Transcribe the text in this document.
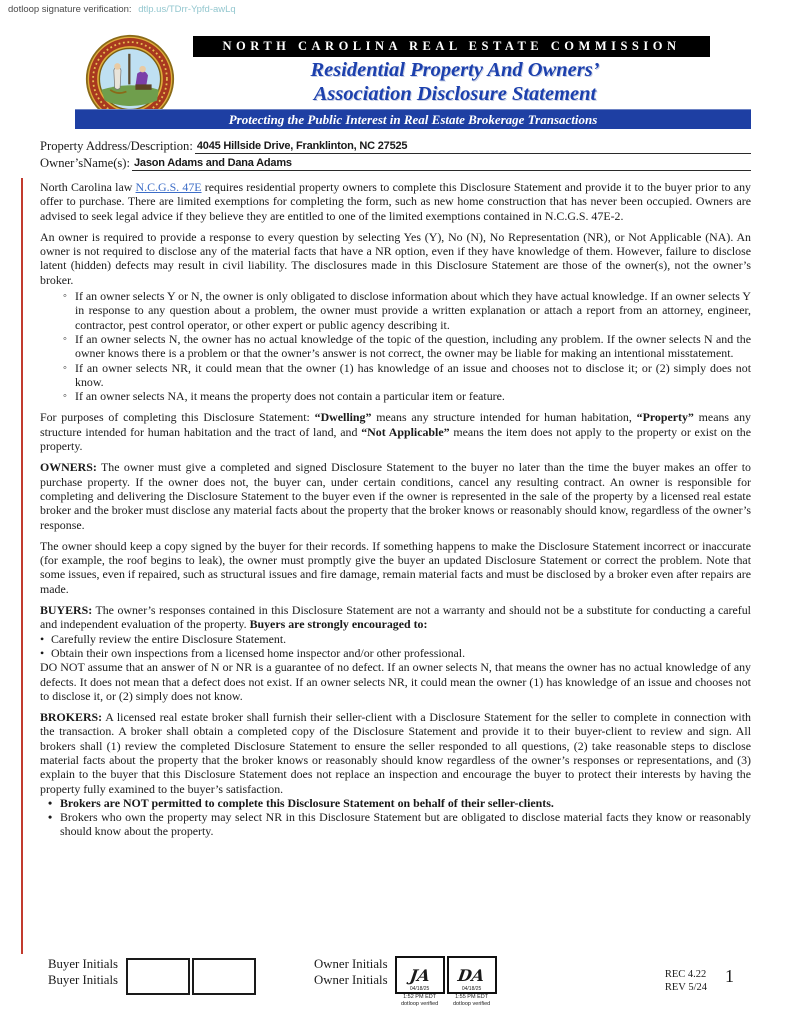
dotloop signature verification: dtlp.us/TDrr-Ypfd-awLq
NORTH CAROLINA REAL ESTATE COMMISSION
Residential Property And Owners’
Association Disclosure Statement
Protecting the Public Interest in Real Estate Brokerage Transactions
Property Address/Description: 4045 Hillside Drive, Franklinton, NC 27525
Owner’sName(s): Jason Adams and Dana Adams

North Carolina law N.C.G.S. 47E requires residential property owners to complete this Disclosure Statement and provide it to the buyer prior to any offer to purchase. There are limited exemptions for completing the form, such as new home construction that has never been occupied. Owners are advised to seek legal advice if they believe they are entitled to one of the limited exemptions contained in N.C.G.S. 47E-2.

An owner is required to provide a response to every question by selecting Yes (Y), No (N), No Representation (NR), or Not Applicable (NA). An owner is not required to disclose any of the material facts that have a NR option, even if they have knowledge of them. However, failure to disclose latent (hidden) defects may result in civil liability. The disclosures made in this Disclosure Statement are those of the owner(s), not the owner’s broker.

◦ If an owner selects Y or N, the owner is only obligated to disclose information about which they have actual knowledge. If an owner selects Y in response to any question about a problem, the owner must provide a written explanation or attach a report from an attorney, engineer, contractor, pest control operator, or other expert or public agency describing it.
◦ If an owner selects N, the owner has no actual knowledge of the topic of the question, including any problem. If the owner selects N and the owner knows there is a problem or that the owner’s answer is not correct, the owner may be liable for making an intentional misstatement.
◦ If an owner selects NR, it could mean that the owner (1) has knowledge of an issue and chooses not to disclose it; or (2) simply does not know.
◦ If an owner selects NA, it means the property does not contain a particular item or feature.

For purposes of completing this Disclosure Statement: “Dwelling” means any structure intended for human habitation, “Property” means any structure intended for human habitation and the tract of land, and “Not Applicable” means the item does not apply to the property or exist on the property.

OWNERS: The owner must give a completed and signed Disclosure Statement to the buyer no later than the time the buyer makes an offer to purchase property. If the owner does not, the buyer can, under certain conditions, cancel any resulting contract. An owner is responsible for completing and delivering the Disclosure Statement to the buyer even if the owner is represented in the sale of the property by a licensed real estate broker and the broker must disclose any material facts about the property that the broker knows or reasonably should know, regardless of the owner’s response.

The owner should keep a copy signed by the buyer for their records. If something happens to make the Disclosure Statement incorrect or inaccurate (for example, the roof begins to leak), the owner must promptly give the buyer an updated Disclosure Statement or correct the problem. Note that some issues, even if repaired, such as structural issues and fire damage, remain material facts and must be disclosed by a broker even after repairs are made.

BUYERS: The owner’s responses contained in this Disclosure Statement are not a warranty and should not be a substitute for conducting a careful and independent evaluation of the property. Buyers are strongly encouraged to:

• Carefully review the entire Disclosure Statement.
• Obtain their own inspections from a licensed home inspector and/or other professional.

DO NOT assume that an answer of N or NR is a guarantee of no defect. If an owner selects N, that means the owner has no actual knowledge of any defects. It does not mean that a defect does not exist. If an owner selects NR, it could mean the owner (1) has knowledge of an issue and chooses not to disclose it, or (2) simply does not know.

BROKERS: A licensed real estate broker shall furnish their seller-client with a Disclosure Statement for the seller to complete in connection with the transaction. A broker shall obtain a completed copy of the Disclosure Statement and provide it to their buyer-client to review and sign. All brokers shall (1) review the completed Disclosure Statement to ensure the seller responded to all questions, (2) take reasonable steps to disclose material facts about the property that the broker knows or reasonably should know regardless of the owner’s responses or representations, and (3) explain to the buyer that this Disclosure Statement does not replace an inspection and encourage the buyer to protect their interests by having the property fully examined to the buyer’s satisfaction.

• Brokers are NOT permitted to complete this Disclosure Statement on behalf of their seller-clients.
• Brokers who own the property may select NR in this Disclosure Statement but are obligated to disclose material facts they know or reasonably should know about the property.
Buyer Initials
Buyer Initials
Owner Initials
Owner Initials JA
04/18/25
1:52 PM EDT
dotloop verified
DA
04/18/25
1:55 PM EDT
dotloop verified
REC 4.22
REV 5/24
1
